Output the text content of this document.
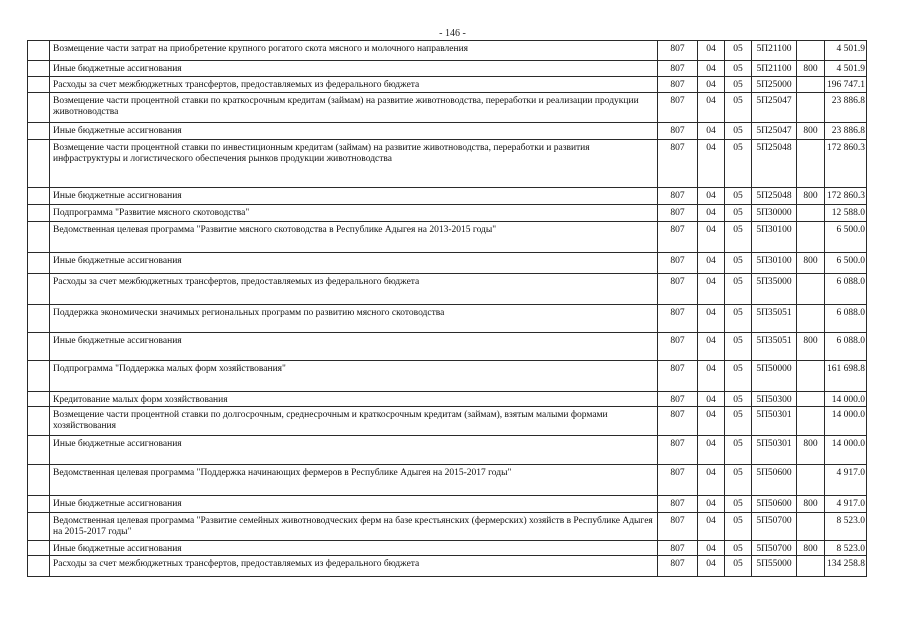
- 146 -
	Возмещение части затрат на приобретение крупного рогатого скота мясного и молочного направления	807	04	05	5П21100		4 501.9
	Иные бюджетные ассигнования	807	04	05	5П21100	800	4 501.9
	Расходы за счет межбюджетных трансфертов, предоставляемых из федерального бюджета	807	04	05	5П25000		196 747.1
	Возмещение части процентной ставки по краткосрочным кредитам (займам) на развитие животноводства, переработки и реализации продукции животноводства	807	04	05	5П25047		23 886.8
	Иные бюджетные ассигнования	807	04	05	5П25047	800	23 886.8
	Возмещение части процентной ставки по инвестиционным кредитам (займам) на развитие животноводства, переработки и развития инфраструктуры и логистического обеспечения рынков продукции животноводства	807	04	05	5П25048		172 860.3
	Иные бюджетные ассигнования	807	04	05	5П25048	800	172 860.3
	Подпрограмма "Развитие мясного скотоводства"	807	04	05	5П30000		12 588.0
	Ведомственная целевая программа "Развитие мясного скотоводства в Республике Адыгея на 2013-2015 годы"	807	04	05	5П30100		6 500.0
	Иные бюджетные ассигнования	807	04	05	5П30100	800	6 500.0
	Расходы за счет межбюджетных трансфертов, предоставляемых из федерального бюджета	807	04	05	5П35000		6 088.0
	Поддержка экономически значимых региональных программ по развитию мясного скотоводства	807	04	05	5П35051		6 088.0
	Иные бюджетные ассигнования	807	04	05	5П35051	800	6 088.0
	Подпрограмма "Поддержка малых форм хозяйствования"	807	04	05	5П50000		161 698.8
	Кредитование малых форм хозяйствования	807	04	05	5П50300		14 000.0
	Возмещение части процентной ставки по долгосрочным, среднесрочным и краткосрочным кредитам (займам), взятым малыми формами хозяйствования	807	04	05	5П50301		14 000.0
	Иные бюджетные ассигнования	807	04	05	5П50301	800	14 000.0
	Ведомственная целевая программа "Поддержка начинающих фермеров в Республике Адыгея на 2015-2017 годы"	807	04	05	5П50600		4 917.0
	Иные бюджетные ассигнования	807	04	05	5П50600	800	4 917.0
	Ведомственная целевая программа "Развитие семейных животноводческих ферм на базе крестьянских (фермерских) хозяйств в Республике Адыгея на 2015-2017 годы"	807	04	05	5П50700		8 523.0
	Иные бюджетные ассигнования	807	04	05	5П50700	800	8 523.0
	Расходы за счет межбюджетных трансфертов, предоставляемых из федерального бюджета	807	04	05	5П55000		134 258.8
